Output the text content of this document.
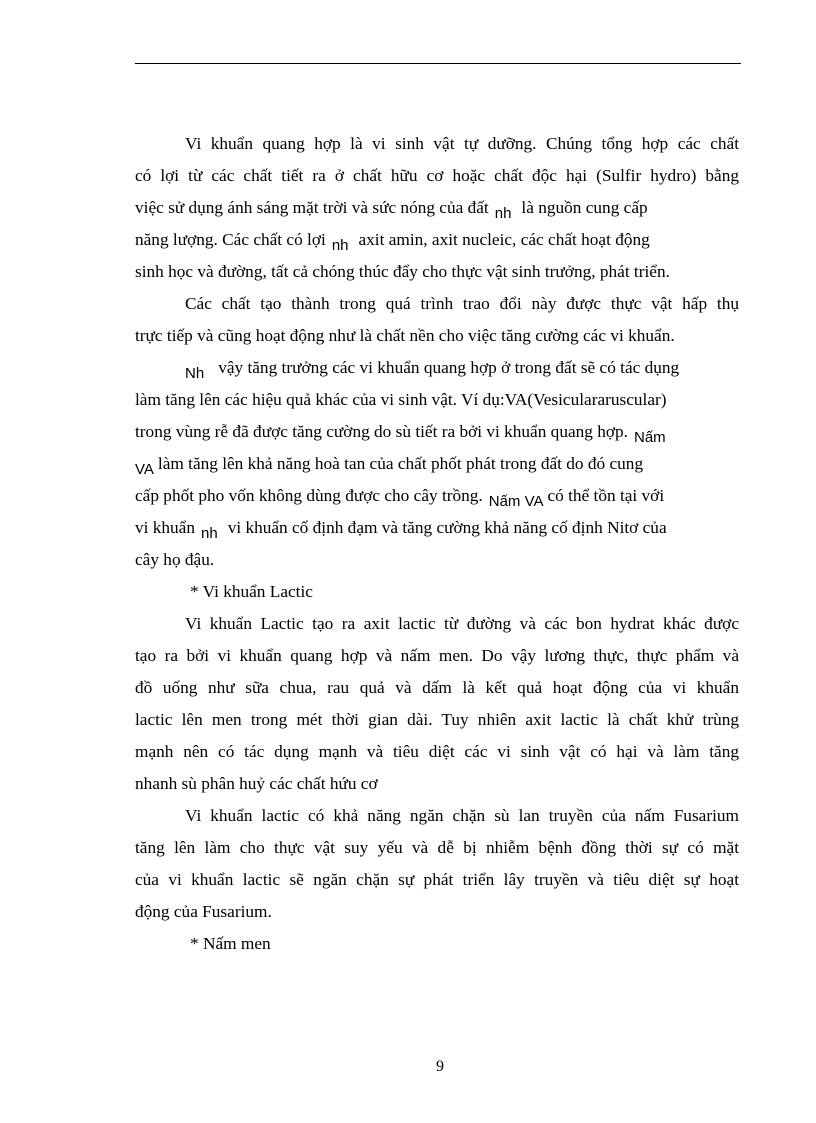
Vi khuẩn quang hợp là vi sinh vật tự dưỡng. Chúng tổng hợp các chất
có lợi từ các chất tiết ra ở chất hữu cơ hoặc chất độc hại (Sulfir hydro) bằng
việc sử dụng ánh sáng mặt trời và sức nóng của đất nh là nguồn cung cấp
năng lượng. Các chất có lợi nh axit amin, axit nucleic, các chất hoạt động
sinh học và đường, tất cả chóng thúc đẩy cho thực vật sinh trưởng, phát triển.
Các chất tạo thành trong quá trình trao đổi này được thực vật hấp thụ
trực tiếp và cũng hoạt động như là chất nền cho việc tăng cường các vi khuẩn.
Nh vậy tăng trưởng các vi khuẩn quang hợp ở trong đất sẽ có tác dụng
làm tăng lên các hiệu quả khác của vi sinh vật. Ví dụ:VA(Vesiculararuscular)
trong vùng rễ đã được tăng cường do sù tiết ra bởi vi khuẩn quang hợp. Nấm
VA làm tăng lên khả năng hoà tan của chất phốt phát trong đất do đó cung
cấp phốt pho vốn không dùng được cho cây trồng. Nấm VA có thể tồn tại với
vi khuẩn nh vi khuẩn cố định đạm và tăng cường khả năng cố định Nitơ của
cây họ đậu.
* Vi khuẩn Lactic
Vi khuẩn Lactic tạo ra axit lactic từ đường và các bon hydrat khác được
tạo ra bởi vi khuẩn quang hợp và nấm men. Do vậy lương thực, thực phẩm và
đồ uống như sữa chua, rau quả và dấm là kết quả hoạt động của vi khuẩn
lactic lên men trong mét thời gian dài. Tuy nhiên axit lactic là chất khử trùng
mạnh nên có tác dụng mạnh và tiêu diệt các vi sinh vật có hại và làm tăng
nhanh sù phân huỷ các chất hứu cơ
Vi khuẩn lactic có khả năng ngăn chặn sù lan truyền của nấm Fusarium
tăng lên làm cho thực vật suy yếu và dễ bị nhiễm bệnh đồng thời sự có mặt
của vi khuẩn lactic sẽ ngăn chặn sự phát triển lây truyền và tiêu diệt sự hoạt
động của Fusarium.
* Nấm men
9
